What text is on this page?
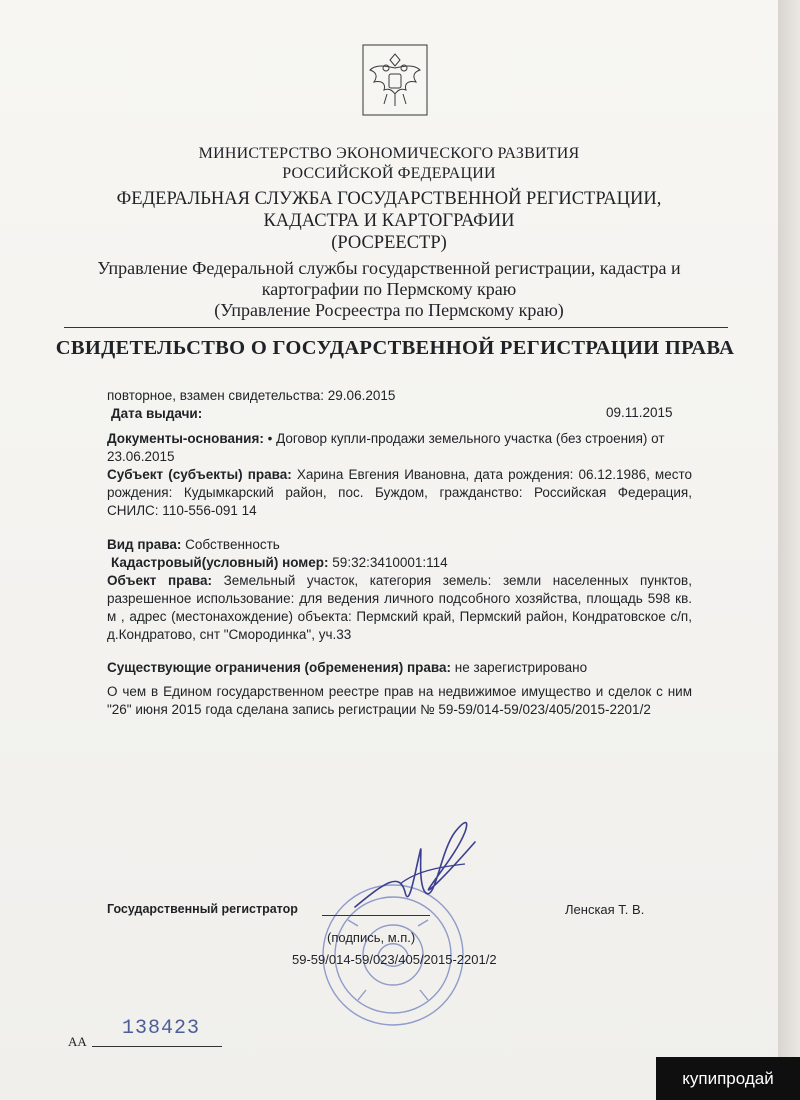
МИНИСТЕРСТВО ЭКОНОМИЧЕСКОГО РАЗВИТИЯ
РОССИЙСКОЙ ФЕДЕРАЦИИ
ФЕДЕРАЛЬНАЯ СЛУЖБА ГОСУДАРСТВЕННОЙ РЕГИСТРАЦИИ,
КАДАСТРА И КАРТОГРАФИИ
(РОСРЕЕСТР)
Управление Федеральной службы государственной регистрации, кадастра и
картографии по Пермскому краю
(Управление Росреестра по Пермскому краю)
СВИДЕТЕЛЬСТВО О ГОСУДАРСТВЕННОЙ РЕГИСТРАЦИИ ПРАВА
повторное, взамен свидетельства: 29.06.2015
Дата выдачи:	09.11.2015
Документы-основания: • Договор купли-продажи земельного участка (без строения) от 23.06.2015
Субъект (субъекты) права: Харина Евгения Ивановна, дата рождения: 06.12.1986, место рождения: Кудымкарский район, пос. Буждом, гражданство: Российская Федерация, СНИЛС: 110-556-091 14
Вид права: Собственность
Кадастровый(условный) номер: 59:32:3410001:114
Объект права: Земельный участок, категория земель: земли населенных пунктов, разрешенное использование: для ведения личного подсобного хозяйства, площадь 598 кв. м , адрес (местонахождение) объекта: Пермский край, Пермский район, Кондратовское с/п, д.Кондратово, снт "Смородинка", уч.33
Существующие ограничения (обременения) права: не зарегистрировано
О чем в Едином государственном реестре прав на недвижимое имущество и сделок с ним "26" июня 2015 года сделана запись регистрации № 59-59/014-59/023/405/2015-2201/2
Государственный регистратор	Ленская Т. В.
(подпись, м.п.)
59-59/014-59/023/405/2015-2201/2
АА
138423
купипродай
